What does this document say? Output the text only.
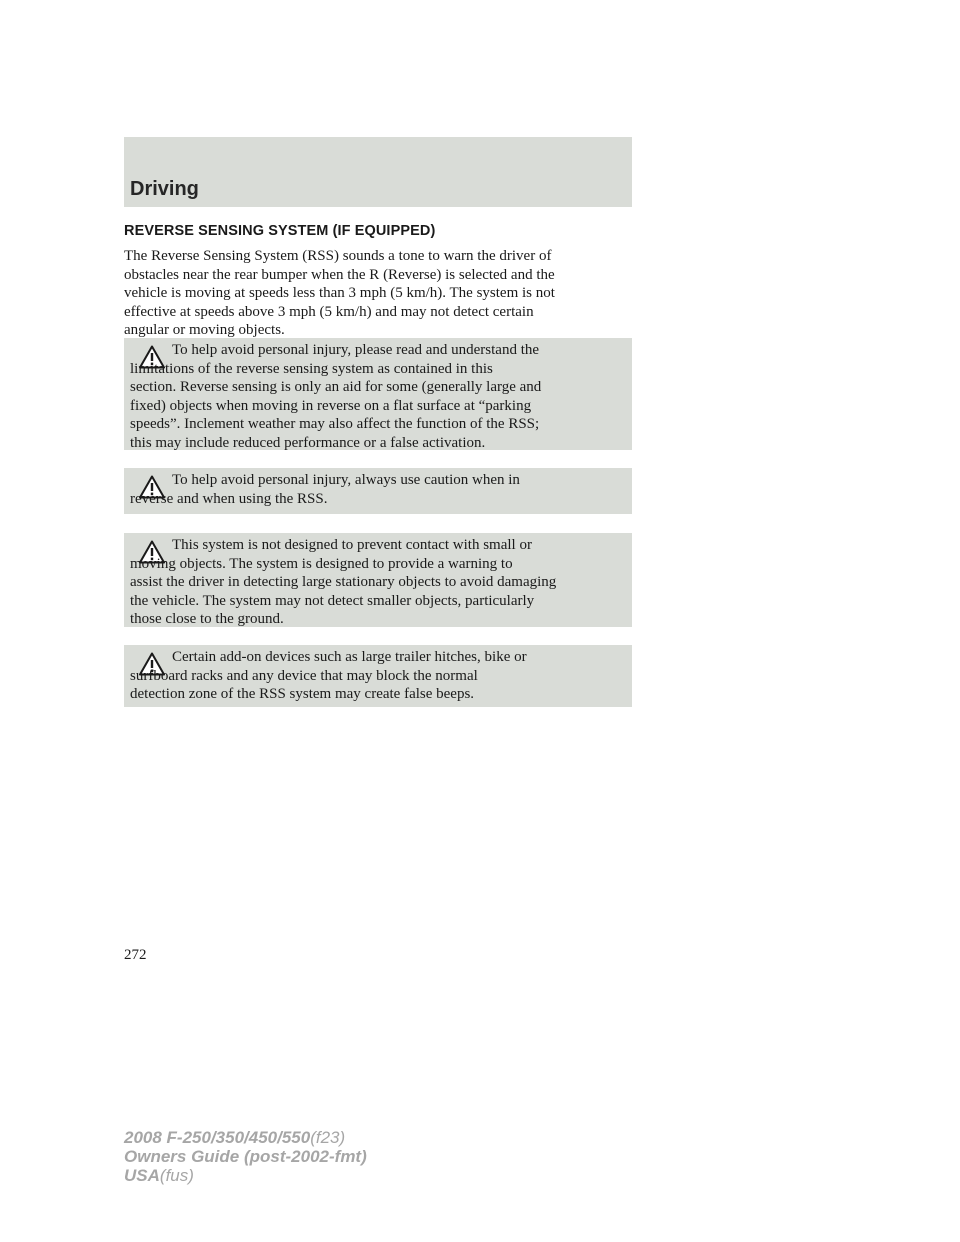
Driving
REVERSE SENSING SYSTEM (IF EQUIPPED)

The Reverse Sensing System (RSS) sounds a tone to warn the driver of
obstacles near the rear bumper when the R (Reverse) is selected and the
vehicle is moving at speeds less than 3 mph (5 km/h). The system is not
effective at speeds above 3 mph (5 km/h) and may not detect certain
angular or moving objects.

To help avoid personal injury, please read and understand the
limitations of the reverse sensing system as contained in this
section. Reverse sensing is only an aid for some (generally large and
fixed) objects when moving in reverse on a flat surface at “parking
speeds”. Inclement weather may also affect the function of the RSS;
this may include reduced performance or a false activation.

To help avoid personal injury, always use caution when in
reverse and when using the RSS.

This system is not designed to prevent contact with small or
moving objects. The system is designed to provide a warning to
assist the driver in detecting large stationary objects to avoid damaging
the vehicle. The system may not detect smaller objects, particularly
those close to the ground.

Certain add-on devices such as large trailer hitches, bike or
surfboard racks and any device that may block the normal
detection zone of the RSS system may create false beeps.

272
2008 F-250/350/450/550(f23)
Owners Guide (post-2002-fmt)
USA(fus)
